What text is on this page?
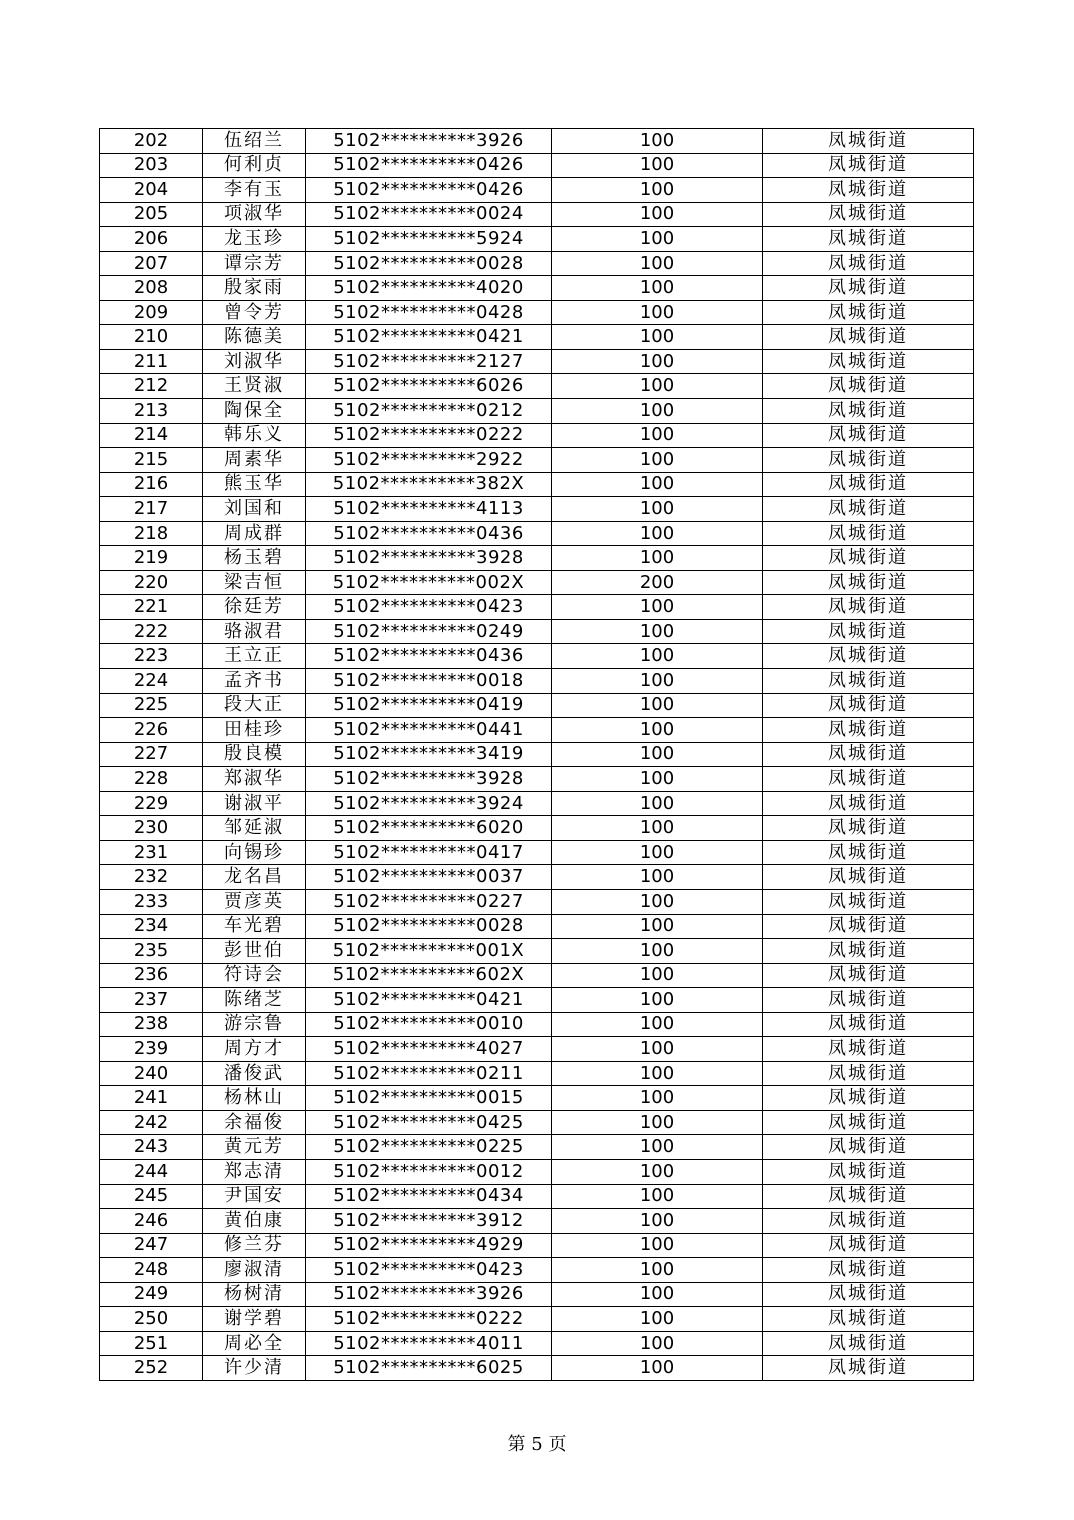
202	伍绍兰	5102**********3926	100	凤城街道
203	何利贞	5102**********0426	100	凤城街道
204	李有玉	5102**********0426	100	凤城街道
205	项淑华	5102**********0024	100	凤城街道
206	龙玉珍	5102**********5924	100	凤城街道
207	谭宗芳	5102**********0028	100	凤城街道
208	殷家雨	5102**********4020	100	凤城街道
209	曾令芳	5102**********0428	100	凤城街道
210	陈德美	5102**********0421	100	凤城街道
211	刘淑华	5102**********2127	100	凤城街道
212	王贤淑	5102**********6026	100	凤城街道
213	陶保全	5102**********0212	100	凤城街道
214	韩乐义	5102**********0222	100	凤城街道
215	周素华	5102**********2922	100	凤城街道
216	熊玉华	5102**********382X	100	凤城街道
217	刘国和	5102**********4113	100	凤城街道
218	周成群	5102**********0436	100	凤城街道
219	杨玉碧	5102**********3928	100	凤城街道
220	梁吉恒	5102**********002X	200	凤城街道
221	徐廷芳	5102**********0423	100	凤城街道
222	骆淑君	5102**********0249	100	凤城街道
223	王立正	5102**********0436	100	凤城街道
224	孟齐书	5102**********0018	100	凤城街道
225	段大正	5102**********0419	100	凤城街道
226	田桂珍	5102**********0441	100	凤城街道
227	殷良模	5102**********3419	100	凤城街道
228	郑淑华	5102**********3928	100	凤城街道
229	谢淑平	5102**********3924	100	凤城街道
230	邹延淑	5102**********6020	100	凤城街道
231	向锡珍	5102**********0417	100	凤城街道
232	龙名昌	5102**********0037	100	凤城街道
233	贾彦英	5102**********0227	100	凤城街道
234	车光碧	5102**********0028	100	凤城街道
235	彭世伯	5102**********001X	100	凤城街道
236	符诗会	5102**********602X	100	凤城街道
237	陈绪芝	5102**********0421	100	凤城街道
238	游宗鲁	5102**********0010	100	凤城街道
239	周方才	5102**********4027	100	凤城街道
240	潘俊武	5102**********0211	100	凤城街道
241	杨林山	5102**********0015	100	凤城街道
242	余福俊	5102**********0425	100	凤城街道
243	黄元芳	5102**********0225	100	凤城街道
244	郑志清	5102**********0012	100	凤城街道
245	尹国安	5102**********0434	100	凤城街道
246	黄伯康	5102**********3912	100	凤城街道
247	修兰芬	5102**********4929	100	凤城街道
248	廖淑清	5102**********0423	100	凤城街道
249	杨树清	5102**********3926	100	凤城街道
250	谢学碧	5102**********0222	100	凤城街道
251	周必全	5102**********4011	100	凤城街道
252	许少清	5102**********6025	100	凤城街道
第 5 页
